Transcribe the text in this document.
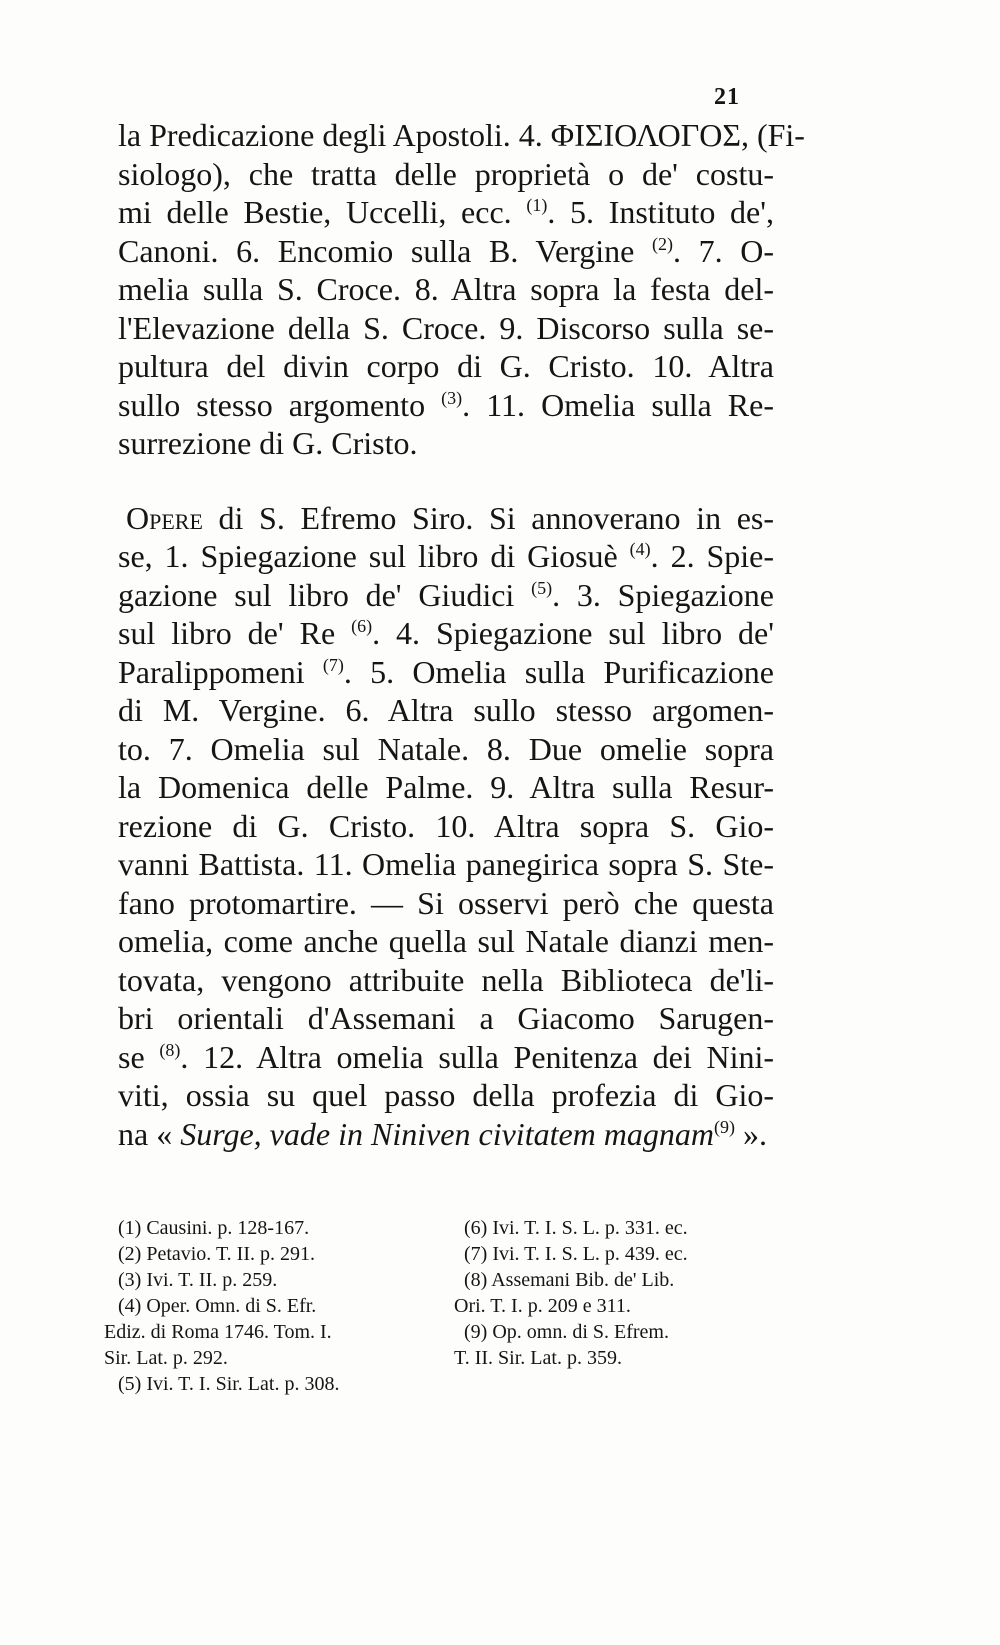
21
la Predicazione degli Apostoli. 4. ΦΙΣΙΟΛΟΓΟΣ, (Fi-
siologo), che tratta delle proprietà o de' costu-
mi delle Bestie, Uccelli, ecc. $^{(1)}$. 5. Instituto de',
Canoni. 6. Encomio sulla B. Vergine $^{(2)}$. 7. O-
melia sulla S. Croce. 8. Altra sopra la festa del-
l'Elevazione della S. Croce. 9. Discorso sulla se-
pultura del divin corpo di G. Cristo. 10. Altra
sullo stesso argomento $^{(3)}$. 11. Omelia sulla Re-
surrezione di G. Cristo.
Opere di S. Efremo Siro. Si annoverano in es-
se, 1. Spiegazione sul libro di Giosuè $^{(4)}$. 2. Spie-
gazione sul libro de' Giudici $^{(5)}$. 3. Spiegazione
sul libro de' Re $^{(6)}$. 4. Spiegazione sul libro de'
Paralippomeni $^{(7)}$. 5. Omelia sulla Purificazione
di M. Vergine. 6. Altra sullo stesso argomen-
to. 7. Omelia sul Natale. 8. Due omelie sopra
la Domenica delle Palme. 9. Altra sulla Resur-
rezione di G. Cristo. 10. Altra sopra S. Gio-
vanni Battista. 11. Omelia panegirica sopra S. Ste-
fano protomartire. — Si osservi però che questa
omelia, come anche quella sul Natale dianzi men-
tovata, vengono attribuite nella Biblioteca de'li-
bri orientali d'Assemani a Giacomo Sarugen-
se $^{(8)}$. 12. Altra omelia sulla Penitenza dei Nini-
viti, ossia su quel passo della profezia di Gio-
na « Surge, vade in Niniven civitatem magnam$^{(9)}$ ».
(1) Causini. p. 128-167.
(2) Petavio. T. II. p. 291.
(3) Ivi. T. II. p. 259.
(4) Oper. Omn. di S. Efr.
Ediz. di Roma 1746. Tom. I.
Sir. Lat. p. 292.
(5) Ivi. T. I. Sir. Lat. p. 308.
(6) Ivi. T. I. S. L. p. 331. ec.
(7) Ivi. T. I. S. L. p. 439. ec.
(8) Assemani Bib. de' Lib.
Ori. T. I. p. 209 e 311.
(9) Op. omn. di S. Efrem.
T. II. Sir. Lat. p. 359.
